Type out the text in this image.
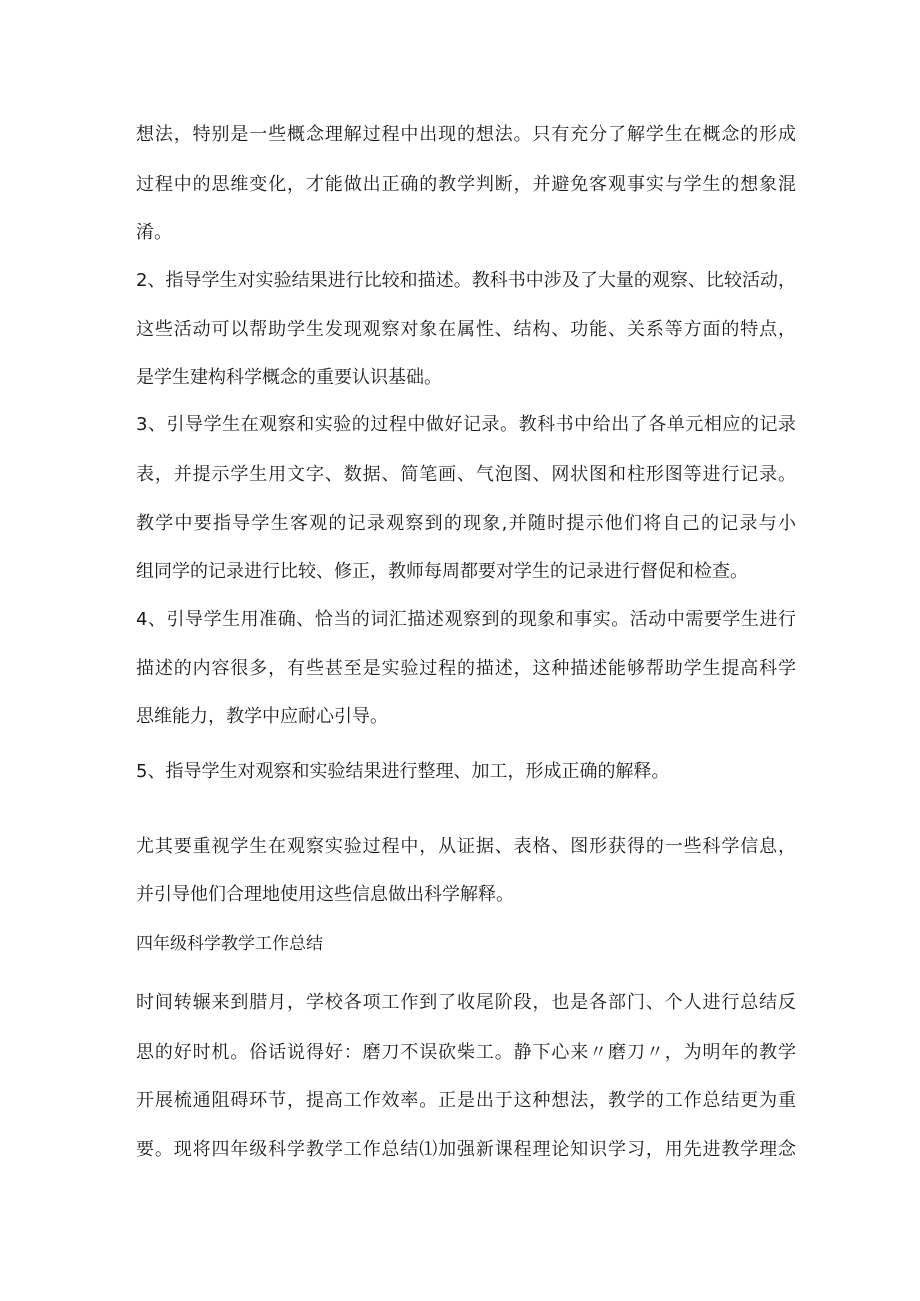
想法，特别是一些概念理解过程中出现的想法。只有充分了解学生在概念的形成
过程中的思维变化，才能做出正确的教学判断，并避免客观事实与学生的想象混
淆。
2、指导学生对实验结果进行比较和描述。教科书中涉及了大量的观察、比较活动，
这些活动可以帮助学生发现观察对象在属性、结构、功能、关系等方面的特点，
是学生建构科学概念的重要认识基础。
3、引导学生在观察和实验的过程中做好记录。教科书中给出了各单元相应的记录
表，并提示学生用文字、数据、简笔画、气泡图、网状图和柱形图等进行记录。
教学中要指导学生客观的记录观察到的现象,并随时提示他们将自己的记录与小
组同学的记录进行比较、修正，教师每周都要对学生的记录进行督促和检查。
4、引导学生用准确、恰当的词汇描述观察到的现象和事实。活动中需要学生进行
描述的内容很多，有些甚至是实验过程的描述，这种描述能够帮助学生提高科学
思维能力，教学中应耐心引导。
5、指导学生对观察和实验结果进行整理、加工，形成正确的解释。
尤其要重视学生在观察实验过程中，从证据、表格、图形获得的一些科学信息，
并引导他们合理地使用这些信息做出科学解释。
四年级科学教学工作总结
时间转辗来到腊月，学校各项工作到了收尾阶段，也是各部门、个人进行总结反
思的好时机。俗话说得好：磨刀不误砍柴工。静下心来〃磨刀〃，为明年的教学
开展梳通阻碍环节，提高工作效率。正是出于这种想法，教学的工作总结更为重
要。现将四年级科学教学工作总结⑴加强新课程理论知识学习，用先进教学理念
